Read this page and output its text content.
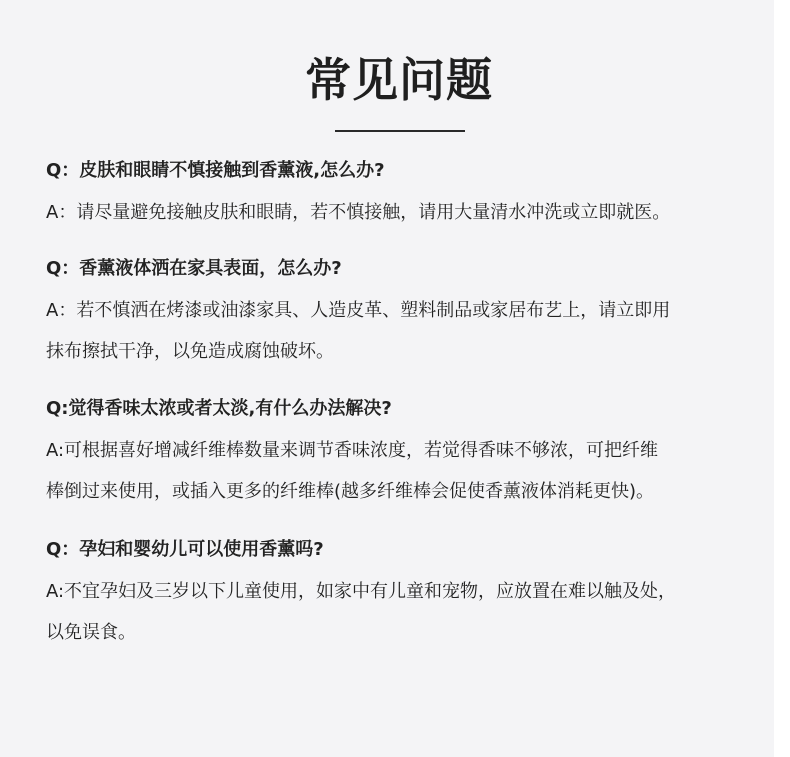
常见问题
Q：皮肤和眼睛不慎接触到香薰液,怎么办?
A：请尽量避免接触皮肤和眼睛，若不慎接触，请用大量清水冲洗或立即就医。
Q：香薰液体洒在家具表面，怎么办?
A：若不慎洒在烤漆或油漆家具、人造皮革、塑料制品或家居布艺上，请立即用
抹布擦拭干净，以免造成腐蚀破坏。
Q:觉得香味太浓或者太淡,有什么办法解决?
A:可根据喜好增减纤维棒数量来调节香味浓度，若觉得香味不够浓，可把纤维
棒倒过来使用，或插入更多的纤维棒(越多纤维棒会促使香薰液体消耗更快)。
Q：孕妇和婴幼儿可以使用香薰吗?
A:不宜孕妇及三岁以下儿童使用，如家中有儿童和宠物，应放置在难以触及处，
以免误食。
